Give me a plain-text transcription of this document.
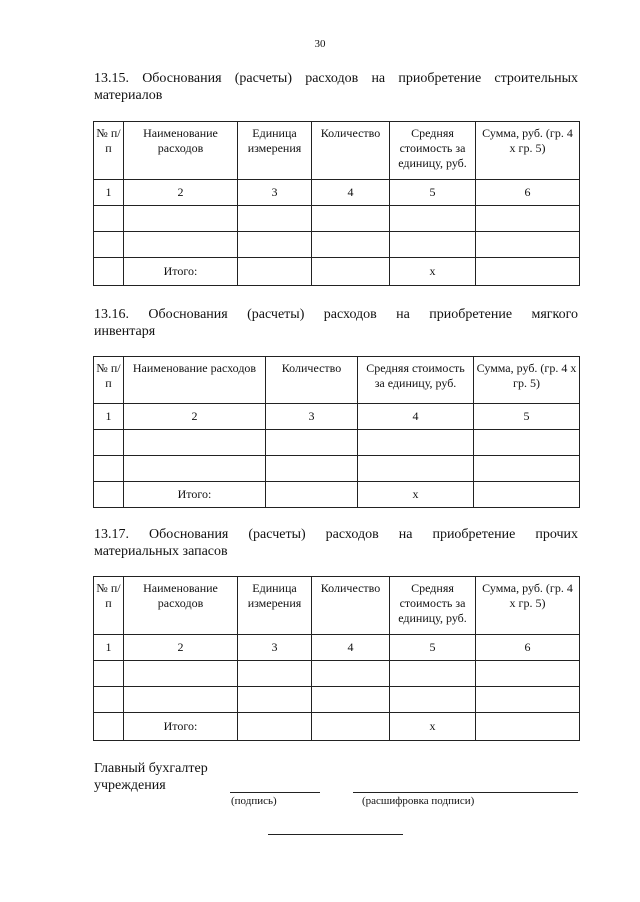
30
13.15. Обоснования (расчеты) расходов на приобретение строительных
материалов
№ п/п	Наименование расходов	Единица измерения	Количество	Средняя стоимость за единицу, руб.	Сумма, руб. (гр. 4 х гр. 5)
1	2	3	4	5	6

	Итого:			x	
13.16. Обоснования (расчеты) расходов на приобретение мягкого
инвентаря
№ п/п	Наименование расходов	Количество	Средняя стоимость за единицу, руб.	Сумма, руб. (гр. 4 х гр. 5)
1	2	3	4	5

	Итого:		x	
13.17. Обоснования (расчеты) расходов на приобретение прочих
материальных запасов
№ п/п	Наименование расходов	Единица измерения	Количество	Средняя стоимость за единицу, руб.	Сумма, руб. (гр. 4 х гр. 5)
1	2	3	4	5	6

	Итого:			x	
Главный бухгалтер
учреждения
(подпись)	(расшифровка подписи)
